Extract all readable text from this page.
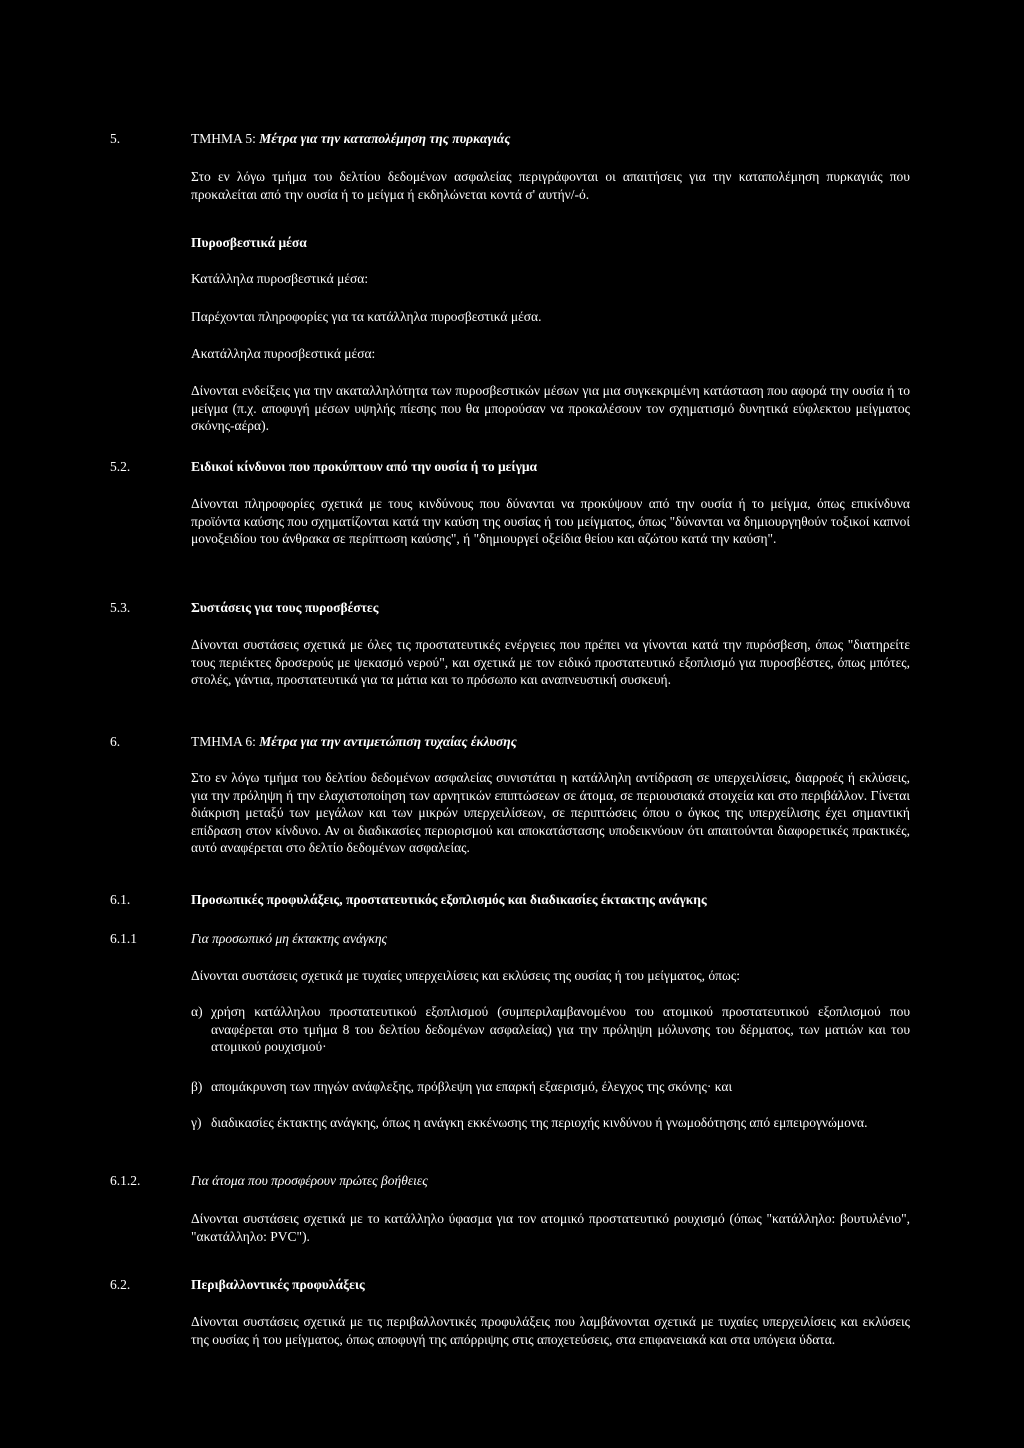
5.	ΤΜΗΜΑ 5: Μέτρα για την καταπολέμηση της πυρκαγιάς
Στο εν λόγω τμήμα του δελτίου δεδομένων ασφαλείας περιγράφονται οι απαιτήσεις για την καταπολέμηση πυρκαγιάς που προκαλείται από την ουσία ή το μείγμα ή εκδηλώνεται κοντά σ' αυτήν/-ό.
Πυροσβεστικά μέσα
Κατάλληλα πυροσβεστικά μέσα:
Παρέχονται πληροφορίες για τα κατάλληλα πυροσβεστικά μέσα.
Ακατάλληλα πυροσβεστικά μέσα:
Δίνονται ενδείξεις για την ακαταλληλότητα των πυροσβεστικών μέσων για μια συγκεκριμένη κατάσταση που αφορά την ουσία ή το μείγμα (π.χ. αποφυγή μέσων υψηλής πίεσης που θα μπορούσαν να προκαλέσουν τον σχηματισμό δυνητικά εύφλεκτου μείγματος σκόνης-αέρα).
5.2.	Ειδικοί κίνδυνοι που προκύπτουν από την ουσία ή το μείγμα
Δίνονται πληροφορίες σχετικά με τους κινδύνους που δύνανται να προκύψουν από την ουσία ή το μείγμα, όπως επικίνδυνα προϊόντα καύσης που σχηματίζονται κατά την καύση της ουσίας ή του μείγματος, όπως "δύνανται να δημιουργηθούν τοξικοί καπνοί μονοξειδίου του άνθρακα σε περίπτωση καύσης", ή "δημιουργεί οξείδια θείου και αζώτου κατά την καύση".
5.3.	Συστάσεις για τους πυροσβέστες
Δίνονται συστάσεις σχετικά με όλες τις προστατευτικές ενέργειες που πρέπει να γίνονται κατά την πυρόσβεση, όπως "διατηρείτε τους περιέκτες δροσερούς με ψεκασμό νερού", και σχετικά με τον ειδικό προστατευτικό εξοπλισμό για πυροσβέστες, όπως μπότες, στολές, γάντια, προστατευτικά για τα μάτια και το πρόσωπο και αναπνευστική συσκευή.
6.	ΤΜΗΜΑ 6: Μέτρα για την αντιμετώπιση τυχαίας έκλυσης
Στο εν λόγω τμήμα του δελτίου δεδομένων ασφαλείας συνιστάται η κατάλληλη αντίδραση σε υπερχειλίσεις, διαρροές ή εκλύσεις, για την πρόληψη ή την ελαχιστοποίηση των αρνητικών επιπτώσεων σε άτομα, σε περιουσιακά στοιχεία και στο περιβάλλον. Γίνεται διάκριση μεταξύ των μεγάλων και των μικρών υπερχειλίσεων, σε περιπτώσεις όπου ο όγκος της υπερχείλισης έχει σημαντική επίδραση στον κίνδυνο. Αν οι διαδικασίες περιορισμού και αποκατάστασης υποδεικνύουν ότι απαιτούνται διαφορετικές πρακτικές, αυτό αναφέρεται στο δελτίο δεδομένων ασφαλείας.
6.1.	Προσωπικές προφυλάξεις, προστατευτικός εξοπλισμός και διαδικασίες έκτακτης ανάγκης
6.1.1	Για προσωπικό μη έκτακτης ανάγκης
Δίνονται συστάσεις σχετικά με τυχαίες υπερχειλίσεις και εκλύσεις της ουσίας ή του μείγματος, όπως:
α) χρήση κατάλληλου προστατευτικού εξοπλισμού (συμπεριλαμβανομένου του ατομικού προστατευτικού εξοπλισμού που αναφέρεται στο τμήμα 8 του δελτίου δεδομένων ασφαλείας) για την πρόληψη μόλυνσης του δέρματος, των ματιών και του ατομικού ρουχισμού·
β) απομάκρυνση των πηγών ανάφλεξης, πρόβλεψη για επαρκή εξαερισμό, έλεγχος της σκόνης· και
γ) διαδικασίες έκτακτης ανάγκης, όπως η ανάγκη εκκένωσης της περιοχής κινδύνου ή γνωμοδότησης από εμπειρογνώμονα.
6.1.2.	Για άτομα που προσφέρουν πρώτες βοήθειες
Δίνονται συστάσεις σχετικά με το κατάλληλο ύφασμα για τον ατομικό προστατευτικό ρουχισμό (όπως "κατάλληλο: βουτυλένιο", "ακατάλληλο: PVC").
6.2.	Περιβαλλοντικές προφυλάξεις
Δίνονται συστάσεις σχετικά με τις περιβαλλοντικές προφυλάξεις που λαμβάνονται σχετικά με τυχαίες υπερχειλίσεις και εκλύσεις της ουσίας ή του μείγματος, όπως αποφυγή της απόρριψης στις αποχετεύσεις, στα επιφανειακά και στα υπόγεια ύδατα.
